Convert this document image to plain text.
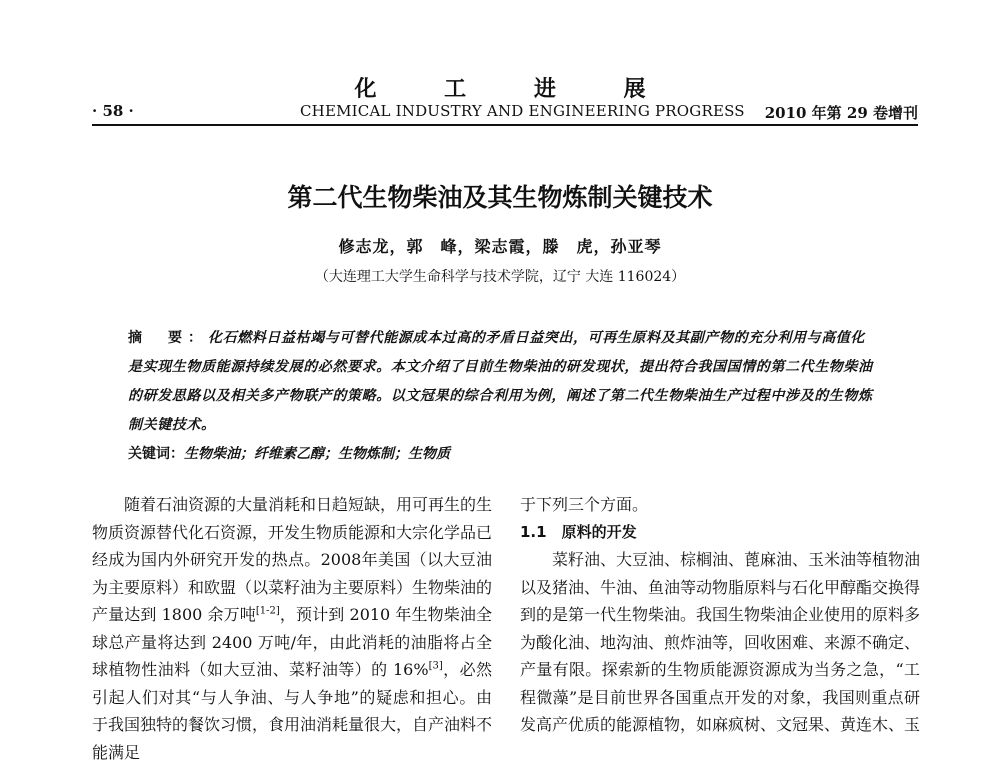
化 工 进 展
· 58 ·	CHEMICAL INDUSTRY AND ENGINEERING PROGRESS 2010 年第 29 卷增刊
第二代生物柴油及其生物炼制关键技术
修志龙，郭　峰，梁志霞，滕　虎，孙亚琴
（大连理工大学生命科学与技术学院，辽宁 大连 116024）
摘　要：化石燃料日益枯竭与可替代能源成本过高的矛盾日益突出，可再生原料及其副产物的充分利用与高值化是实现生物质能源持续发展的必然要求。本文介绍了目前生物柴油的研发现状，提出符合我国国情的第二代生物柴油的研发思路以及相关多产物联产的策略。以文冠果的综合利用为例，阐述了第二代生物柴油生产过程中涉及的生物炼制关键技术。
关键词：生物柴油；纤维素乙醇；生物炼制；生物质

随着石油资源的大量消耗和日趋短缺，用可再生的生物质资源替代化石资源，开发生物质能源和大宗化学品已经成为国内外研究开发的热点。2008年美国（以大豆油为主要原料）和欧盟（以菜籽油为主要原料）生物柴油的产量达到 1800 余万吨[1-2]，预计到 2010 年生物柴油全球总产量将达到 2400 万吨/年，由此消耗的油脂将占全球植物性油料（如大豆油、菜籽油等）的 16%[3]，必然引起人们对其“与人争油、与人争地”的疑虑和担心。由于我国独特的餐饮习惯，食用油消耗量很大，自产油料不能满足

于下列三个方面。

1.1　原料的开发

菜籽油、大豆油、棕榈油、蓖麻油、玉米油等植物油以及猪油、牛油、鱼油等动物脂原料与石化甲醇酯交换得到的是第一代生物柴油。我国生物柴油企业使用的原料多为酸化油、地沟油、煎炸油等，回收困难、来源不确定、产量有限。探索新的生物质能源资源成为当务之急，“工程微藻”是目前世界各国重点开发的对象，我国则重点研发高产优质的能源植物，如麻疯树、文冠果、黄连木、玉
